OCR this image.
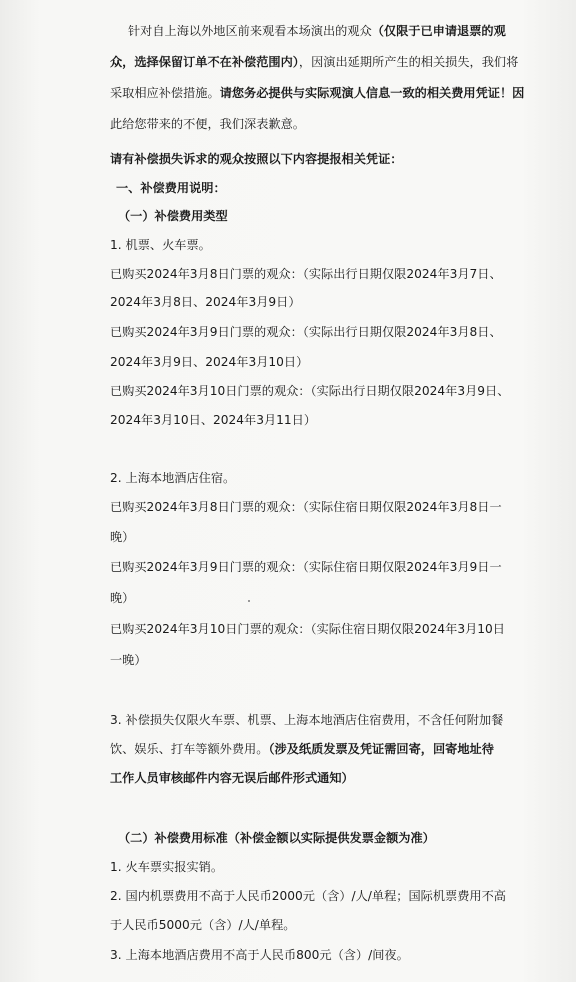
针对自上海以外地区前来观看本场演出的观众（仅限于已申请退票的观
众，选择保留订单不在补偿范围内），因演出延期所产生的相关损失，我们将
采取相应补偿措施。请您务必提供与实际观演人信息一致的相关费用凭证！因
此给您带来的不便，我们深表歉意。
请有补偿损失诉求的观众按照以下内容提报相关凭证：
一、补偿费用说明：
（一）补偿费用类型
1. 机票、火车票。
已购买2024年3月8日门票的观众：（实际出行日期仅限2024年3月7日、
2024年3月8日、2024年3月9日）
已购买2024年3月9日门票的观众：（实际出行日期仅限2024年3月8日、
2024年3月9日、2024年3月10日）
已购买2024年3月10日门票的观众：（实际出行日期仅限2024年3月9日、
2024年3月10日、2024年3月11日）
2. 上海本地酒店住宿。
已购买2024年3月8日门票的观众：（实际住宿日期仅限2024年3月8日一
晚）
已购买2024年3月9日门票的观众：（实际住宿日期仅限2024年3月9日一
晚）
已购买2024年3月10日门票的观众：（实际住宿日期仅限2024年3月10日
一晚）
3. 补偿损失仅限火车票、机票、上海本地酒店住宿费用，不含任何附加餐
饮、娱乐、打车等额外费用。（涉及纸质发票及凭证需回寄，回寄地址待
工作人员审核邮件内容无误后邮件形式通知）
（二）补偿费用标准（补偿金额以实际提供发票金额为准）
1. 火车票实报实销。
2. 国内机票费用不高于人民币2000元（含）/人/单程；国际机票费用不高
于人民币5000元（含）/人/单程。
3. 上海本地酒店费用不高于人民币800元（含）/间夜。
